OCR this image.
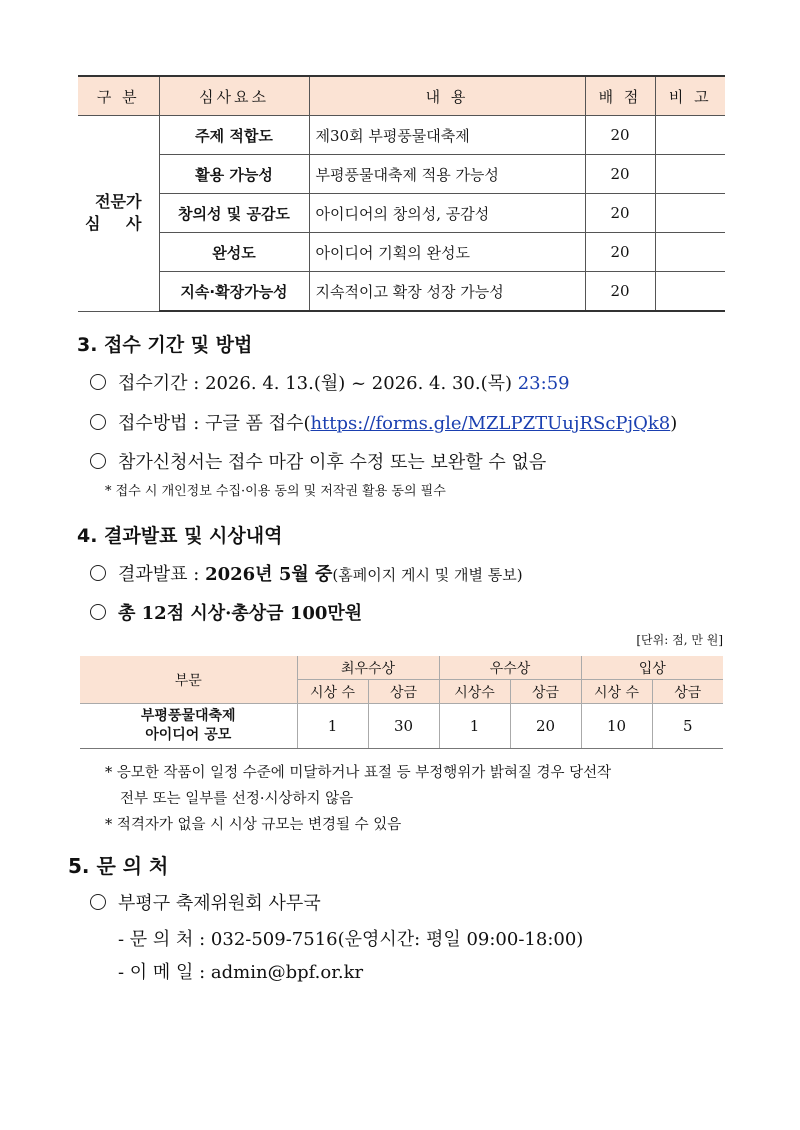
구 분	심사요소	내 용	배 점	비 고
전문가
심 사	주제 적합도	제30회 부평풍물대축제	20	
	활용 가능성	부평풍물대축제 적용 가능성	20	
	창의성 및 공감도	아이디어의 창의성, 공감성	20	
	완성도	아이디어 기획의 완성도	20	
	지속·확장가능성	지속적이고 확장 성장 가능성	20	
3. 접수 기간 및 방법
접수기간 : 2026. 4. 13.(월) ~ 2026. 4. 30.(목) 23:59
접수방법 : 구글 폼 접수(https://forms.gle/MZLPZTUujRScPjQk8)
참가신청서는 접수 마감 이후 수정 또는 보완할 수 없음
* 접수 시 개인정보 수집·이용 동의 및 저작권 활용 동의 필수
4. 결과발표 및 시상내역
결과발표 : 2026년 5월 중(홈페이지 게시 및 개별 통보)
총 12점 시상·총상금 100만원
[단위: 점, 만 원]
부문	최우수상		우수상		입상	
	시상 수	상금	시상수	상금	시상 수	상금
부평풍물대축제
아이디어 공모	1	30	1	20	10	5
* 응모한 작품이 일정 수준에 미달하거나 표절 등 부정행위가 밝혀질 경우 당선작
전부 또는 일부를 선정·시상하지 않음
* 적격자가 없을 시 시상 규모는 변경될 수 있음
5. 문 의 처
부평구 축제위원회 사무국
- 문 의 처 : 032-509-7516(운영시간: 평일 09:00-18:00)
- 이 메 일 : admin@bpf.or.kr
